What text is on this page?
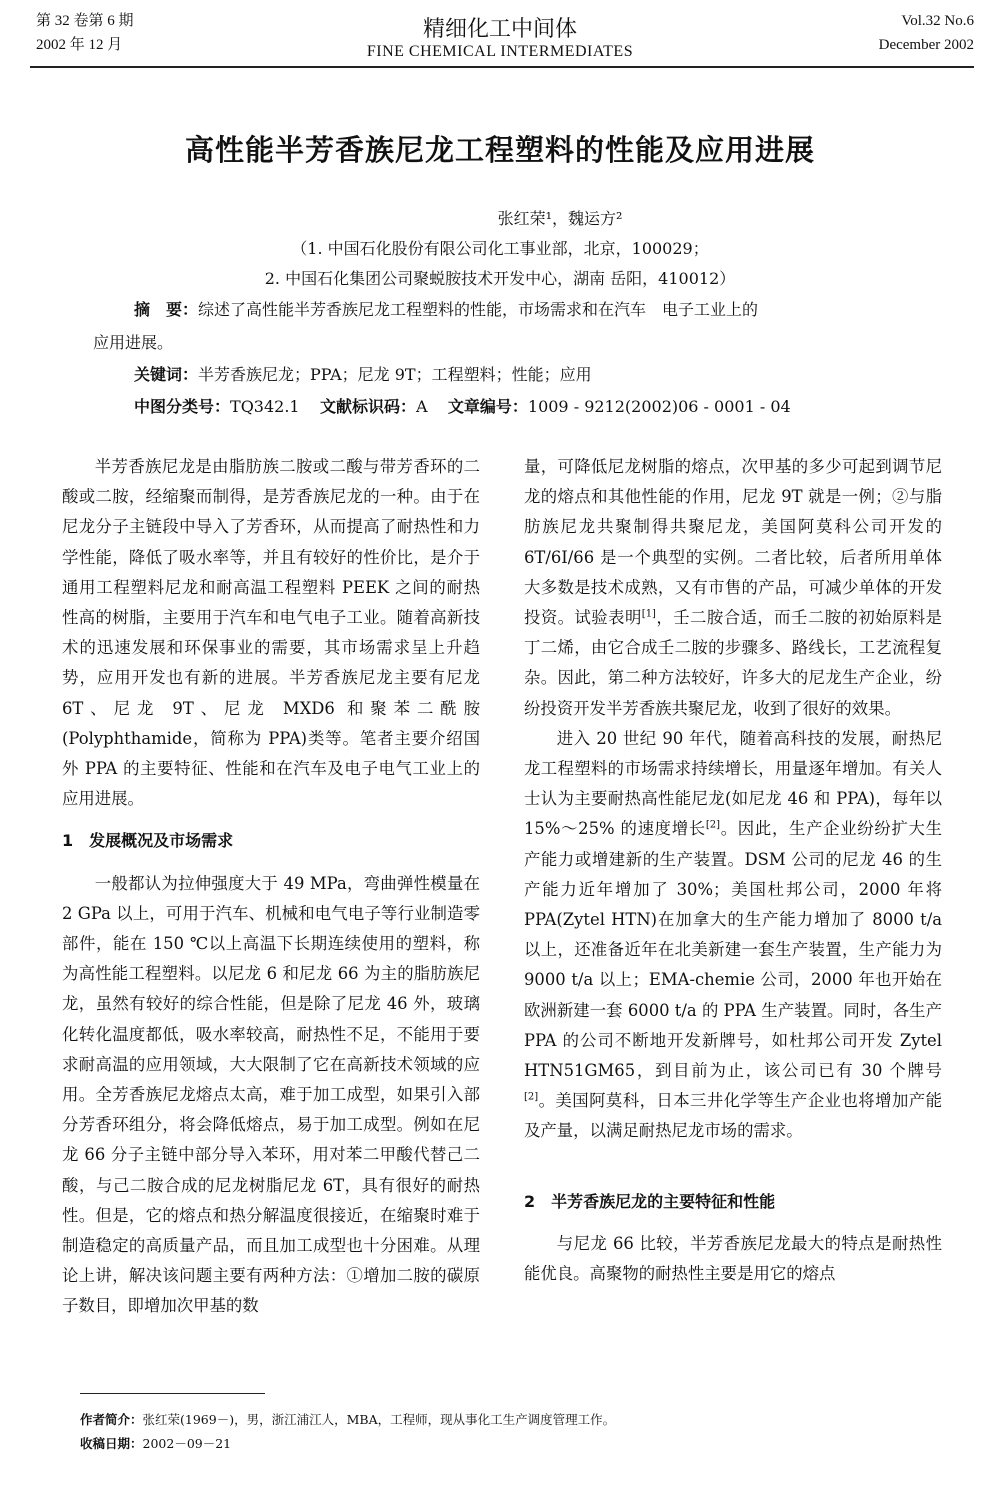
第 32 卷第 6 期
2002 年 12 月
精细化工中间体
FINE CHEMICAL INTERMEDIATES
Vol.32 No.6
December 2002
高性能半芳香族尼龙工程塑料的性能及应用进展
张红荣¹，魏运方²
（1. 中国石化股份有限公司化工事业部，北京，100029；
2. 中国石化集团公司聚蜕胺技术开发中心，湖南 岳阳，410012）
摘　要：综述了高性能半芳香族尼龙工程塑料的性能，市场需求和在汽车　电子工业上的
应用进展。
关键词：半芳香族尼龙；PPA；尼龙 9T；工程塑料；性能；应用
中图分类号：TQ342.1 文献标识码：A 文章编号：1009 - 9212(2002)06 - 0001 - 04

半芳香族尼龙是由脂肪族二胺或二酸与带芳香环的二酸或二胺，经缩聚而制得，是芳香族尼龙的一种。由于在尼龙分子主链段中导入了芳香环，从而提高了耐热性和力学性能，降低了吸水率等，并且有较好的性价比，是介于通用工程塑料尼龙和耐高温工程塑料 PEEK 之间的耐热性高的树脂，主要用于汽车和电气电子工业。随着高新技术的迅速发展和环保事业的需要，其市场需求呈上升趋势，应用开发也有新的进展。半芳香族尼龙主要有尼龙 6T、尼龙 9T、尼龙 MXD6 和聚苯二酰胺(Polyphthamide，简称为 PPA)类等。笔者主要介绍国外 PPA 的主要特征、性能和在汽车及电子电气工业上的应用进展。

1　发展概况及市场需求

一般都认为拉伸强度大于 49 MPa，弯曲弹性模量在 2 GPa 以上，可用于汽车、机械和电气电子等行业制造零部件，能在 150 ℃以上高温下长期连续使用的塑料，称为高性能工程塑料。以尼龙 6 和尼龙 66 为主的脂肪族尼龙，虽然有较好的综合性能，但是除了尼龙 46 外，玻璃化转化温度都低，吸水率较高，耐热性不足，不能用于要求耐高温的应用领域，大大限制了它在高新技术领域的应用。全芳香族尼龙熔点太高，难于加工成型，如果引入部分芳香环组分，将会降低熔点，易于加工成型。例如在尼龙 66 分子主链中部分导入苯环，用对苯二甲酸代替己二酸，与己二胺合成的尼龙树脂尼龙 6T，具有很好的耐热性。但是，它的熔点和热分解温度很接近，在缩聚时难于制造稳定的高质量产品，而且加工成型也十分困难。从理论上讲，解决该问题主要有两种方法：①增加二胺的碳原子数目，即增加次甲基的数

量，可降低尼龙树脂的熔点，次甲基的多少可起到调节尼龙的熔点和其他性能的作用，尼龙 9T 就是一例；②与脂肪族尼龙共聚制得共聚尼龙，美国阿莫科公司开发的 6T/6I/66 是一个典型的实例。二者比较，后者所用单体大多数是技术成熟，又有市售的产品，可减少单体的开发投资。试验表明[1]，壬二胺合适，而壬二胺的初始原料是丁二烯，由它合成壬二胺的步骤多、路线长，工艺流程复杂。因此，第二种方法较好，许多大的尼龙生产企业，纷纷投资开发半芳香族共聚尼龙，收到了很好的效果。

进入 20 世纪 90 年代，随着高科技的发展，耐热尼龙工程塑料的市场需求持续增长，用量逐年增加。有关人士认为主要耐热高性能尼龙(如尼龙 46 和 PPA)，每年以 15%～25% 的速度增长[2]。因此，生产企业纷纷扩大生产能力或增建新的生产装置。DSM 公司的尼龙 46 的生产能力近年增加了 30%；美国杜邦公司，2000 年将 PPA(Zytel HTN)在加拿大的生产能力增加了 8000 t/a 以上，还准备近年在北美新建一套生产装置，生产能力为 9000 t/a 以上；EMA-chemie 公司，2000 年也开始在欧洲新建一套 6000 t/a 的 PPA 生产装置。同时，各生产 PPA 的公司不断地开发新牌号，如杜邦公司开发 Zytel HTN51GM65，到目前为止，该公司已有 30 个牌号[2]。美国阿莫科，日本三井化学等生产企业也将增加产能及产量，以满足耐热尼龙市场的需求。

2　半芳香族尼龙的主要特征和性能

与尼龙 66 比较，半芳香族尼龙最大的特点是耐热性能优良。高聚物的耐热性主要是用它的熔点

作者简介：张红荣(1969－)，男，浙江浦江人，MBA，工程师，现从事化工生产调度管理工作。
收稿日期：2002－09－21
